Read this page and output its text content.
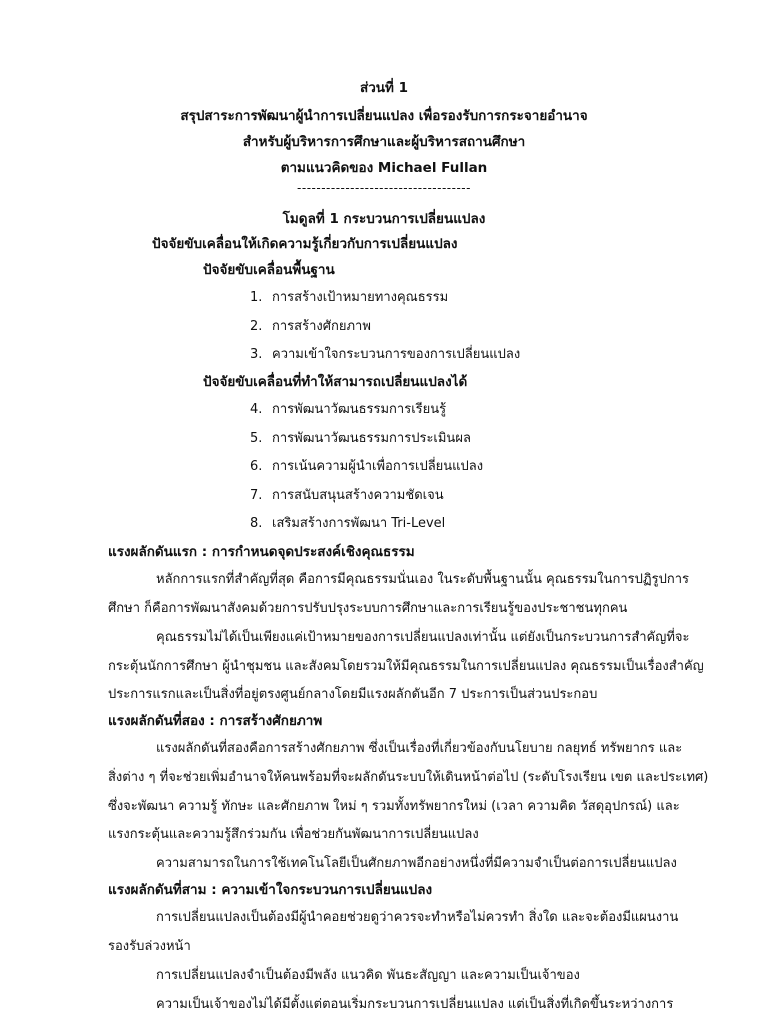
ส่วนที่ 1
สรุปสาระการพัฒนาผู้นำการเปลี่ยนแปลง เพื่อรองรับการกระจายอำนาจ
สำหรับผู้บริหารการศึกษาและผู้บริหารสถานศึกษา
ตามแนวคิดของ Michael Fullan
------------------------------------
โมดูลที่ 1 กระบวนการเปลี่ยนแปลง
ปัจจัยขับเคลื่อนให้เกิดความรู้เกี่ยวกับการเปลี่ยนแปลง
ปัจจัยขับเคลื่อนพื้นฐาน
1. การสร้างเป้าหมายทางคุณธรรม
2. การสร้างศักยภาพ
3. ความเข้าใจกระบวนการของการเปลี่ยนแปลง
ปัจจัยขับเคลื่อนที่ทำให้สามารถเปลี่ยนแปลงได้
4. การพัฒนาวัฒนธรรมการเรียนรู้
5. การพัฒนาวัฒนธรรมการประเมินผล
6. การเน้นความผู้นำเพื่อการเปลี่ยนแปลง
7. การสนับสนุนสร้างความชัดเจน
8. เสริมสร้างการพัฒนา Tri-Level
แรงผลักดันแรก : การกำหนดจุดประสงค์เชิงคุณธรรม
หลักการแรกที่สำคัญที่สุด คือการมีคุณธรรมนั่นเอง ในระดับพื้นฐานนั้น คุณธรรมในการปฏิรูปการ
ศึกษา ก็คือการพัฒนาสังคมด้วยการปรับปรุงระบบการศึกษาและการเรียนรู้ของประชาชนทุกคน
คุณธรรมไม่ได้เป็นเพียงแค่เป้าหมายของการเปลี่ยนแปลงเท่านั้น แต่ยังเป็นกระบวนการสำคัญที่จะ
กระตุ้นนักการศึกษา ผู้นำชุมชน และสังคมโดยรวมให้มีคุณธรรมในการเปลี่ยนแปลง คุณธรรมเป็นเรื่องสำคัญ
ประการแรกและเป็นสิ่งที่อยู่ตรงศูนย์กลางโดยมีแรงผลักดันอีก 7 ประการเป็นส่วนประกอบ
แรงผลักดันที่สอง : การสร้างศักยภาพ
แรงผลักดันที่สองคือการสร้างศักยภาพ ซึ่งเป็นเรื่องที่เกี่ยวข้องกับนโยบาย กลยุทธ์ ทรัพยากร และ
สิ่งต่าง ๆ ที่จะช่วยเพิ่มอำนาจให้คนพร้อมที่จะผลักดันระบบให้เดินหน้าต่อไป (ระดับโรงเรียน เขต และประเทศ)
ซึ่งจะพัฒนา ความรู้ ทักษะ และศักยภาพ ใหม่ ๆ รวมทั้งทรัพยากรใหม่ (เวลา ความคิด วัสดุอุปกรณ์) และ
แรงกระตุ้นและความรู้สึกร่วมกัน เพื่อช่วยกันพัฒนาการเปลี่ยนแปลง
ความสามารถในการใช้เทคโนโลยีเป็นศักยภาพอีกอย่างหนึ่งที่มีความจำเป็นต่อการเปลี่ยนแปลง
แรงผลักดันที่สาม : ความเข้าใจกระบวนการเปลี่ยนแปลง
การเปลี่ยนแปลงเป็นต้องมีผู้นำคอยช่วยดูว่าควรจะทำหรือไม่ควรทำ สิ่งใด และจะต้องมีแผนงาน
รองรับล่วงหน้า
การเปลี่ยนแปลงจำเป็นต้องมีพลัง แนวคิด พันธะสัญญา และความเป็นเจ้าของ
ความเป็นเจ้าของไม่ได้มีตั้งแต่ตอนเริ่มกระบวนการเปลี่ยนแปลง แต่เป็นสิ่งที่เกิดขึ้นระหว่างการ
